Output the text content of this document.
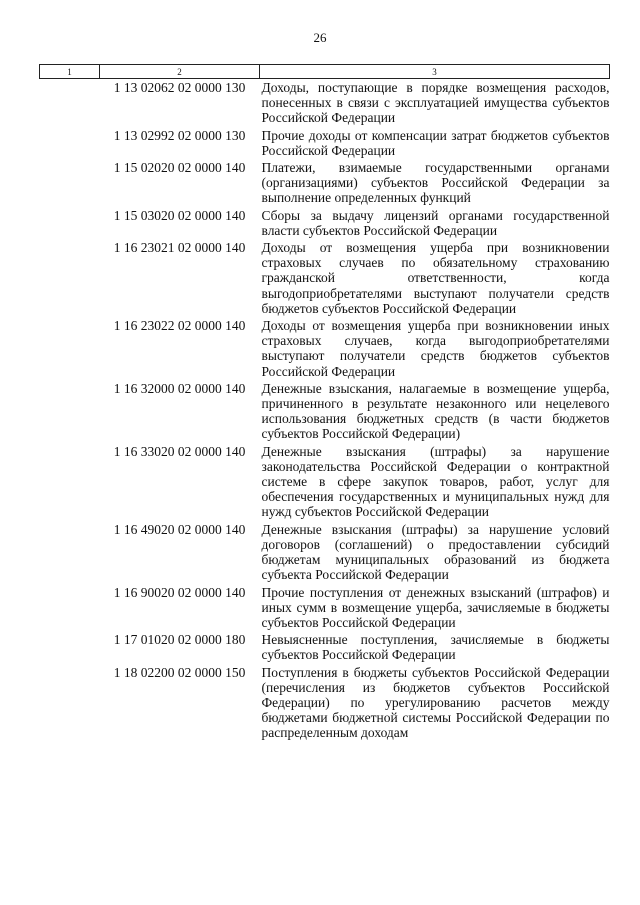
26
1	2	3
	1 13 02062 02 0000 130	Доходы, поступающие в порядке возмещения расходов, понесенных в связи с эксплуатацией имущества субъектов Российской Федерации
	1 13 02992 02 0000 130	Прочие доходы от компенсации затрат бюджетов субъектов Российской Федерации
	1 15 02020 02 0000 140	Платежи, взимаемые государственными органами (организациями) субъектов Российской Федерации за выполнение определенных функций
	1 15 03020 02 0000 140	Сборы за выдачу лицензий органами государственной власти субъектов Российской Федерации
	1 16 23021 02 0000 140	Доходы от возмещения ущерба при возникновении страховых случаев по обязательному страхованию гражданской ответственности, когда выгодоприобретателями выступают получатели средств бюджетов субъектов Российской Федерации
	1 16 23022 02 0000 140	Доходы от возмещения ущерба при возникновении иных страховых случаев, когда выгодоприобретателями выступают получатели средств бюджетов субъектов Российской Федерации
	1 16 32000 02 0000 140	Денежные взыскания, налагаемые в возмещение ущерба, причиненного в результате незаконного или нецелевого использования бюджетных средств (в части бюджетов субъектов Российской Федерации)
	1 16 33020 02 0000 140	Денежные взыскания (штрафы) за нарушение законодательства Российской Федерации о контрактной системе в сфере закупок товаров, работ, услуг для обеспечения государственных и муниципальных нужд для нужд субъектов Российской Федерации
	1 16 49020 02 0000 140	Денежные взыскания (штрафы) за нарушение условий договоров (соглашений) о предоставлении субсидий бюджетам муниципальных образований из бюджета субъекта Российской Федерации
	1 16 90020 02 0000 140	Прочие поступления от денежных взысканий (штрафов) и иных сумм в возмещение ущерба, зачисляемые в бюджеты субъектов Российской Федерации
	1 17 01020 02 0000 180	Невыясненные поступления, зачисляемые в бюджеты субъектов Российской Федерации
	1 18 02200 02 0000 150	Поступления в бюджеты субъектов Российской Федерации (перечисления из бюджетов субъектов Российской Федерации) по урегулированию расчетов между бюджетами бюджетной системы Российской Федерации по распределенным доходам
